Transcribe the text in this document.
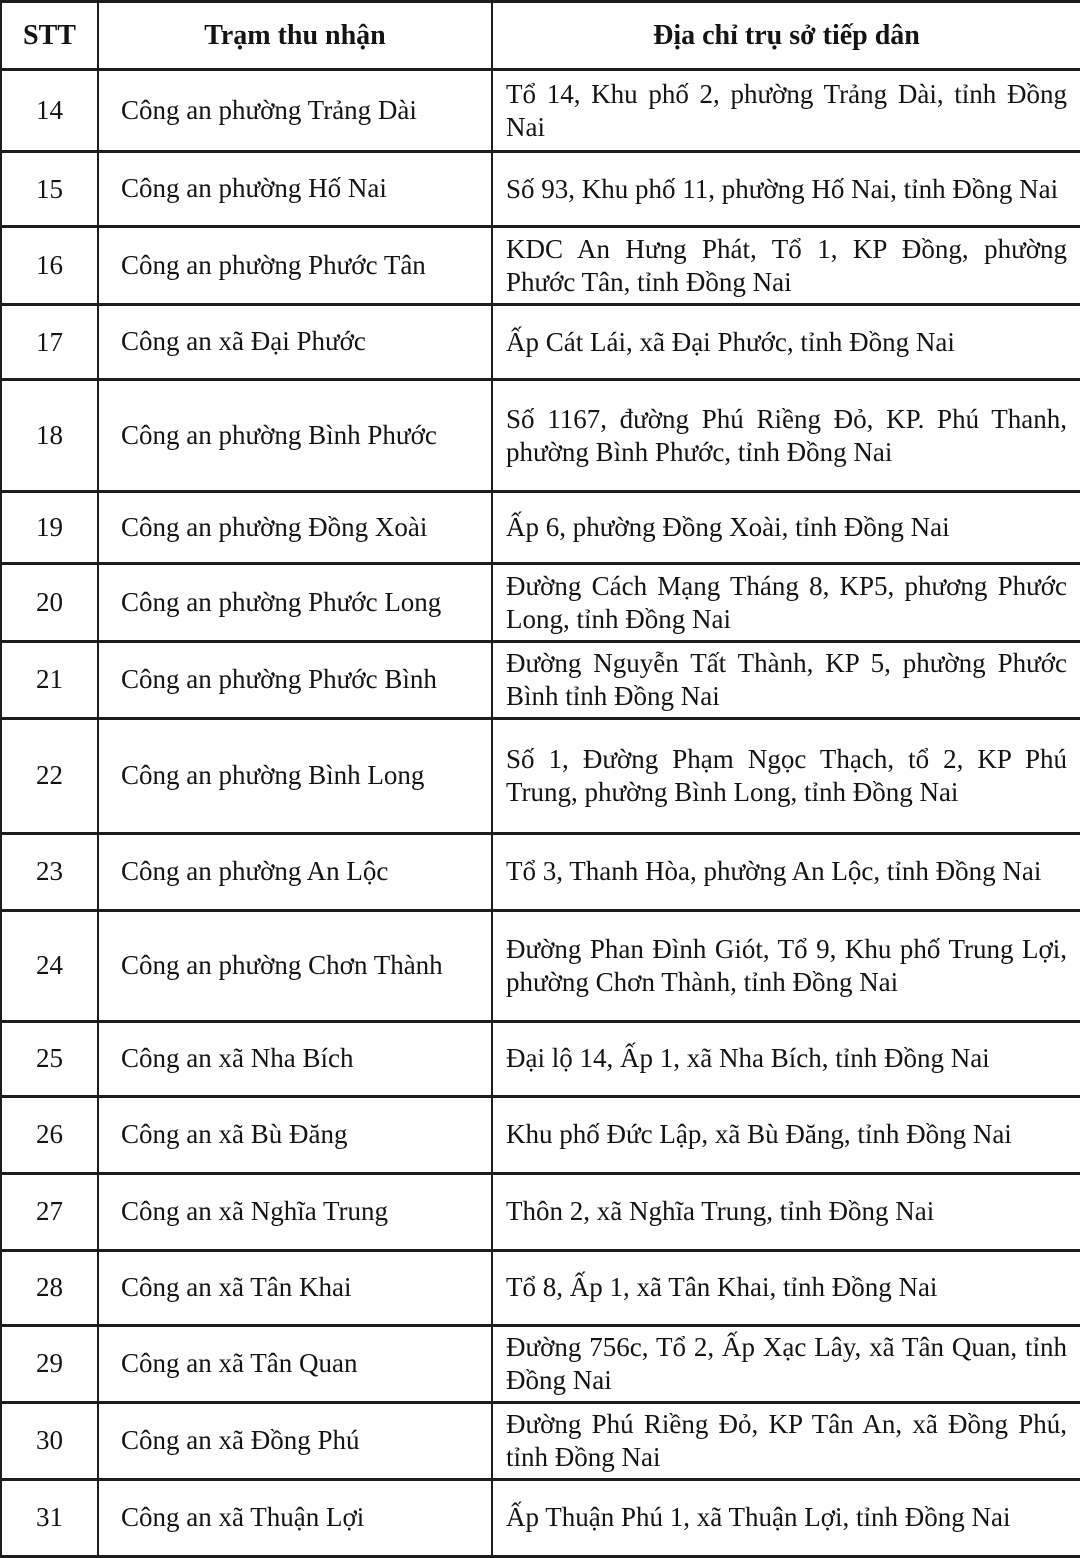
STT	Trạm thu nhận	Địa chỉ trụ sở tiếp dân
14	Công an phường Trảng Dài	Tổ 14, Khu phố 2, phường Trảng Dài, tỉnh Đồng Nai
15	Công an phường Hố Nai	Số 93, Khu phố 11, phường Hố Nai, tỉnh Đồng Nai
16	Công an phường Phước Tân	KDC An Hưng Phát, Tổ 1, KP Đồng, phường Phước Tân, tỉnh Đồng Nai
17	Công an xã Đại Phước	Ấp Cát Lái, xã Đại Phước, tỉnh Đồng Nai
18	Công an phường Bình Phước	Số 1167, đường Phú Riềng Đỏ, KP. Phú Thanh, phường Bình Phước, tỉnh Đồng Nai
19	Công an phường Đồng Xoài	Ấp 6, phường Đồng Xoài, tỉnh Đồng Nai
20	Công an phường Phước Long	Đường Cách Mạng Tháng 8, KP5, phương Phước Long, tỉnh Đồng Nai
21	Công an phường Phước Bình	Đường Nguyễn Tất Thành, KP 5, phường Phước Bình tỉnh Đồng Nai
22	Công an phường Bình Long	Số 1, Đường Phạm Ngọc Thạch, tổ 2, KP Phú Trung, phường Bình Long, tỉnh Đồng Nai
23	Công an phường An Lộc	Tổ 3, Thanh Hòa, phường An Lộc, tỉnh Đồng Nai
24	Công an phường Chơn Thành	Đường Phan Đình Giót, Tổ 9, Khu phố Trung Lợi, phường Chơn Thành, tỉnh Đồng Nai
25	Công an xã Nha Bích	Đại lộ 14, Ấp 1, xã Nha Bích, tỉnh Đồng Nai
26	Công an xã Bù Đăng	Khu phố Đức Lập, xã Bù Đăng, tỉnh Đồng Nai
27	Công an xã Nghĩa Trung	Thôn 2, xã Nghĩa Trung, tỉnh Đồng Nai
28	Công an xã Tân Khai	Tổ 8, Ấp 1, xã Tân Khai, tỉnh Đồng Nai
29	Công an xã Tân Quan	Đường 756c, Tổ 2, Ấp Xạc Lây, xã Tân Quan, tỉnh Đồng Nai
30	Công an xã Đồng Phú	Đường Phú Riềng Đỏ, KP Tân An, xã Đồng Phú, tỉnh Đồng Nai
31	Công an xã Thuận Lợi	Ấp Thuận Phú 1, xã Thuận Lợi, tỉnh Đồng Nai
